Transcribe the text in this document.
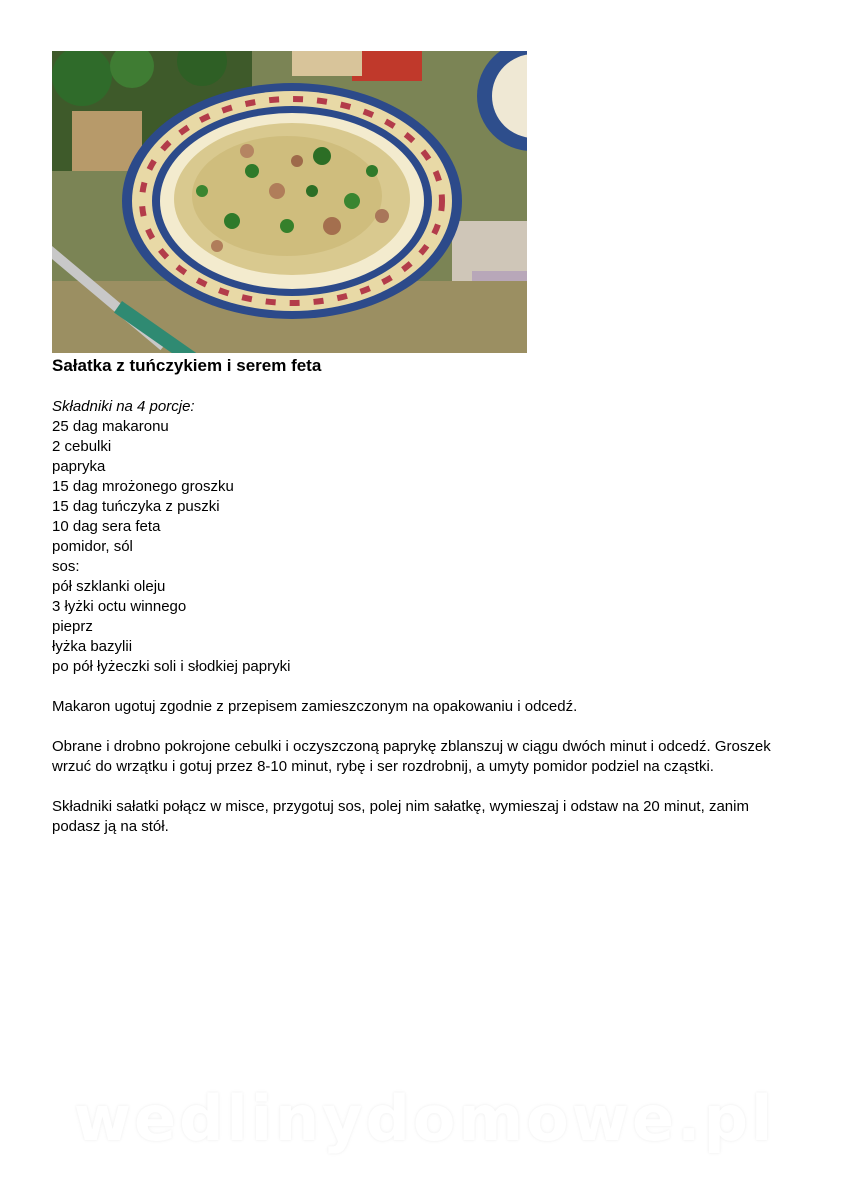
Sałatka z tuńczykiem i serem feta
Składniki na 4 porcje:
25 dag makaronu
2 cebulki
papryka
15 dag mrożonego groszku
15 dag tuńczyka z puszki
10 dag sera feta
pomidor, sól
sos:
pół szklanki oleju
3 łyżki octu winnego
pieprz
łyżka bazylii
po pół łyżeczki soli i słodkiej papryki

Makaron ugotuj zgodnie z przepisem zamieszczonym na opakowaniu i odcedź.

Obrane i drobno pokrojone cebulki i oczyszczoną paprykę zblanszuj w ciągu dwóch minut i odcedź. Groszek wrzuć do wrzątku i gotuj przez 8-10 minut, rybę i ser rozdrobnij, a umyty pomidor podziel na cząstki.

Składniki sałatki połącz w misce, przygotuj sos, polej nim sałatkę, wymieszaj i odstaw na 20 minut, zanim podasz ją na stół.

wedlinydomowe.pl
